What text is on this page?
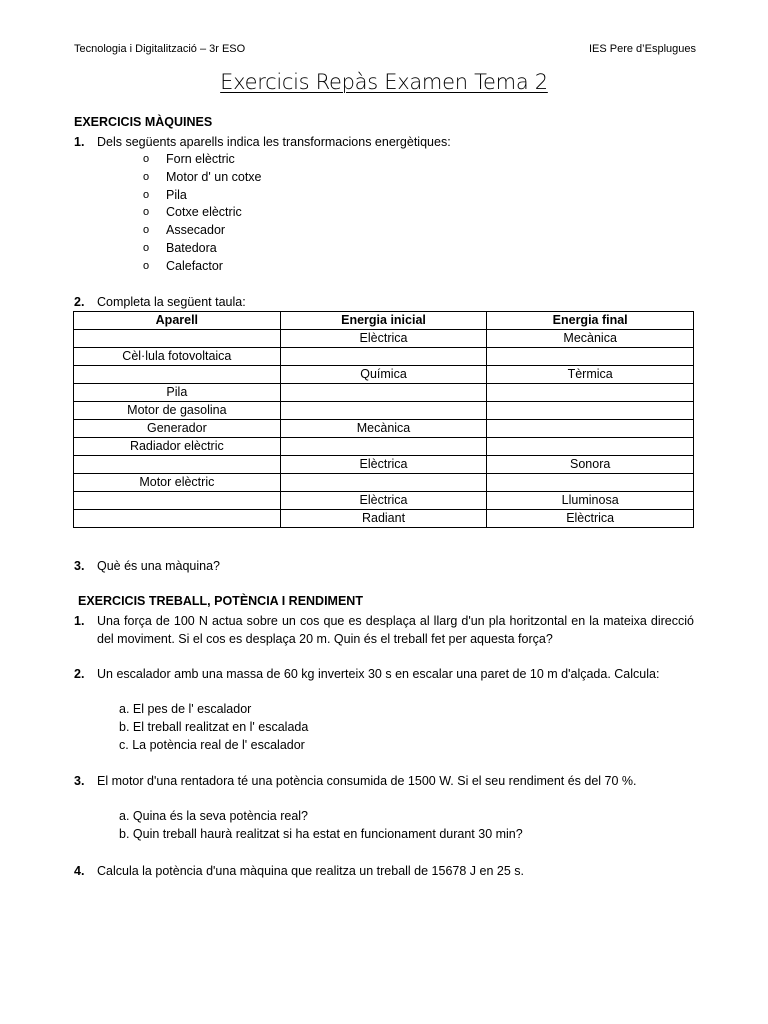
Tecnologia i Digitalització – 3r ESO	IES Pere d’Esplugues
Exercicis Repàs Examen Tema 2
EXERCICIS MÀQUINES
1. Dels següents aparells indica les transformacions energètiques:
o Forn elèctric
o Motor d' un cotxe
o Pila
o Cotxe elèctric
o Assecador
o Batedora
o Calefactor
2. Completa la següent taula:
Aparell	Energia inicial	Energia final
	Elèctrica	Mecànica
Cèl·lula fotovoltaica		
	Química	Tèrmica
Pila		
Motor de gasolina		
Generador	Mecànica	
Radiador elèctric		
	Elèctrica	Sonora
Motor elèctric		
	Elèctrica	Lluminosa
	Radiant	Elèctrica
3. Què és una màquina?
EXERCICIS TREBALL, POTÈNCIA I RENDIMENT
1. Una força de 100 N actua sobre un cos que es desplaça al llarg d'un pla horitzontal en la mateixa direcció del moviment. Si el cos es desplaça 20 m. Quin és el treball fet per aquesta força?
2. Un escalador amb una massa de 60 kg inverteix 30 s en escalar una paret de 10 m d'alçada. Calcula:
a. El pes de l' escalador
b. El treball realitzat en l' escalada
c. La potència real de l' escalador
3. El motor d'una rentadora té una potència consumida de 1500 W. Si el seu rendiment és del 70 %.
a. Quina és la seva potència real?
b. Quin treball haurà realitzat si ha estat en funcionament durant 30 min?
4. Calcula la potència d'una màquina que realitza un treball de 15678 J en 25 s.
